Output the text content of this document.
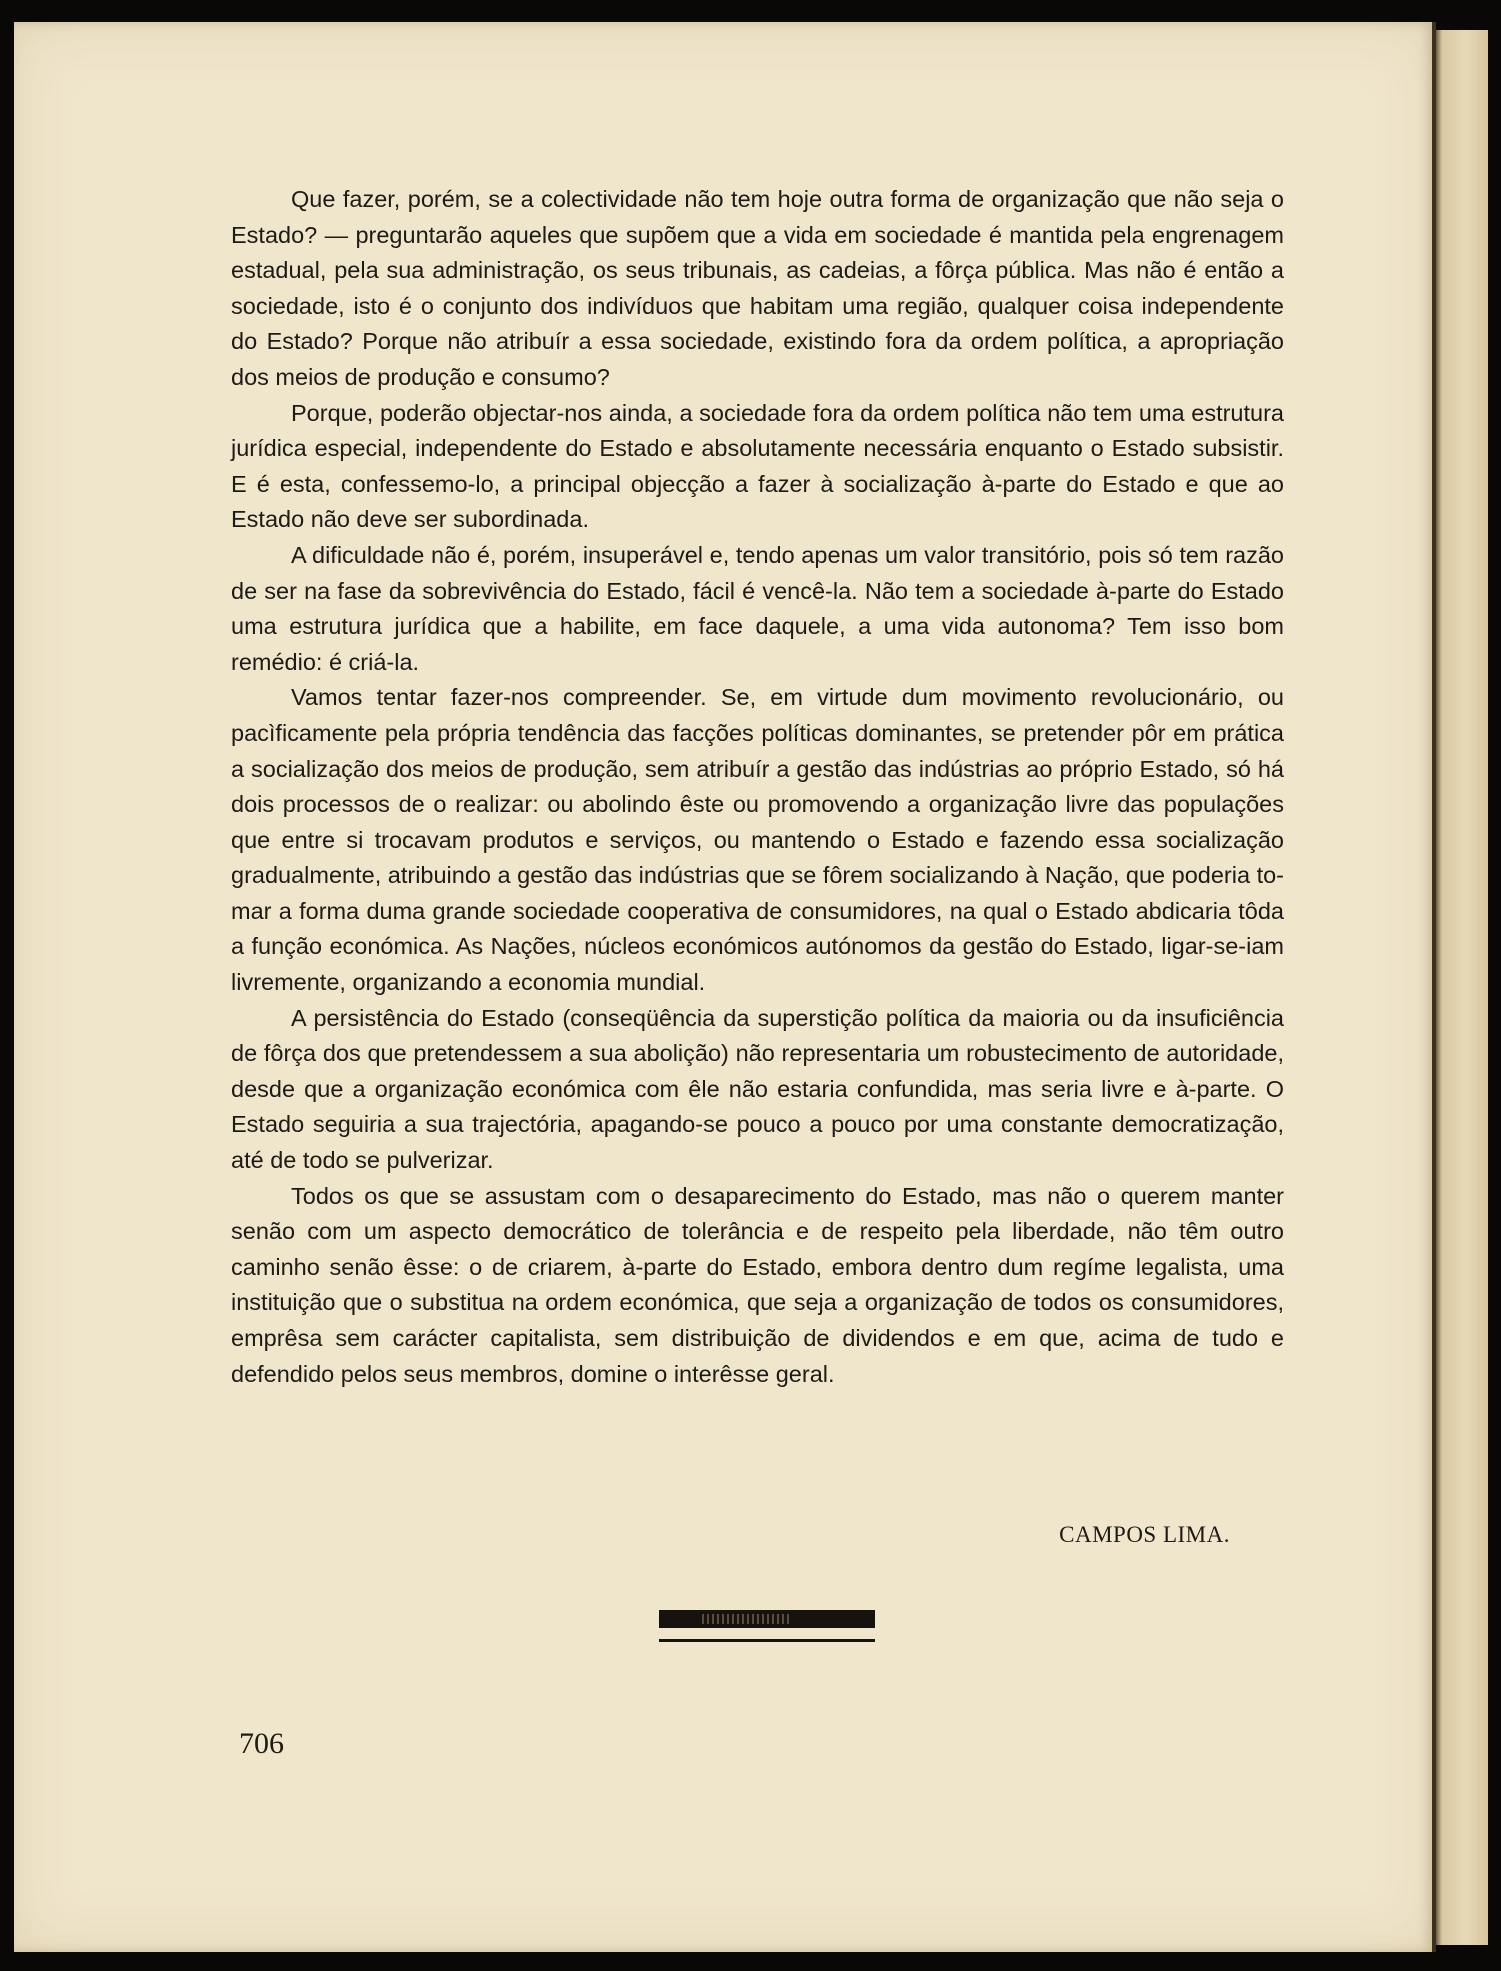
Que fazer, porém, se a colectividade não tem hoje outra forma de organização que não seja o Estado? — preguntarão aqueles que supõem que a vida em sociedade é mantida pela engrenagem estadual, pela sua administração, os seus tribunais, as cadeias, a fôrça pública. Mas não é então a sociedade, isto é o conjunto dos indivíduos que habitam uma região, qualquer coisa independente do Estado? Porque não atribuír a essa sociedade, existindo fora da ordem política, a apropriação dos meios de produção e consumo?

Porque, poderão objectar-nos ainda, a sociedade fora da ordem política não tem uma estrutura jurídica especial, independente do Estado e absolutamente necessária enquanto o Estado subsistir. E é esta, confessemo-lo, a principal objecção a fazer à socialização à-parte do Estado e que ao Estado não deve ser subordinada.

A dificuldade não é, porém, insuperável e, tendo apenas um valor transitório, pois só tem razão de ser na fase da sobrevivência do Estado, fácil é vencê-la. Não tem a sociedade à-parte do Estado uma estrutura jurídica que a habilite, em face daquele, a uma vida autonoma? Tem isso bom remédio: é criá-la.

Vamos tentar fazer-nos compreender. Se, em virtude dum movimento revolucionário, ou pacìficamente pela própria tendência das facções políticas dominantes, se pretender pôr em prática a socialização dos meios de produção, sem atribuír a gestão das indústrias ao próprio Estado, só há dois processos de o realizar: ou abolindo êste ou promovendo a organização livre das populações que entre si trocavam produtos e serviços, ou mantendo o Estado e fazendo essa socialização gradualmente, atribuindo a gestão das indústrias que se fôrem socializando à Nação, que poderia tomar a forma duma grande sociedade cooperativa de consumidores, na qual o Estado abdicaria tôda a função económica. As Nações, núcleos económicos autónomos da gestão do Estado, ligar-se-iam livremente, organizando a economia mundial.

A persistência do Estado (conseqüência da superstição política da maioria ou da insuficiência de fôrça dos que pretendessem a sua abolição) não representaria um robustecimento de autoridade, desde que a organização económica com êle não estaria confundida, mas seria livre e à-parte. O Estado seguiria a sua trajectória, apagando-se pouco a pouco por uma constante democratização, até de todo se pulverizar.

Todos os que se assustam com o desaparecimento do Estado, mas não o querem manter senão com um aspecto democrático de tolerância e de respeito pela liberdade, não têm outro caminho senão êsse: o de criarem, à-parte do Estado, embora dentro dum regíme legalista, uma instituição que o substitua na ordem económica, que seja a organização de todos os consumidores, emprêsa sem carácter capitalista, sem distribuição de dividendos e em que, acima de tudo e defendido pelos seus membros, domine o interêsse geral.

CAMPOS LIMA.
706
